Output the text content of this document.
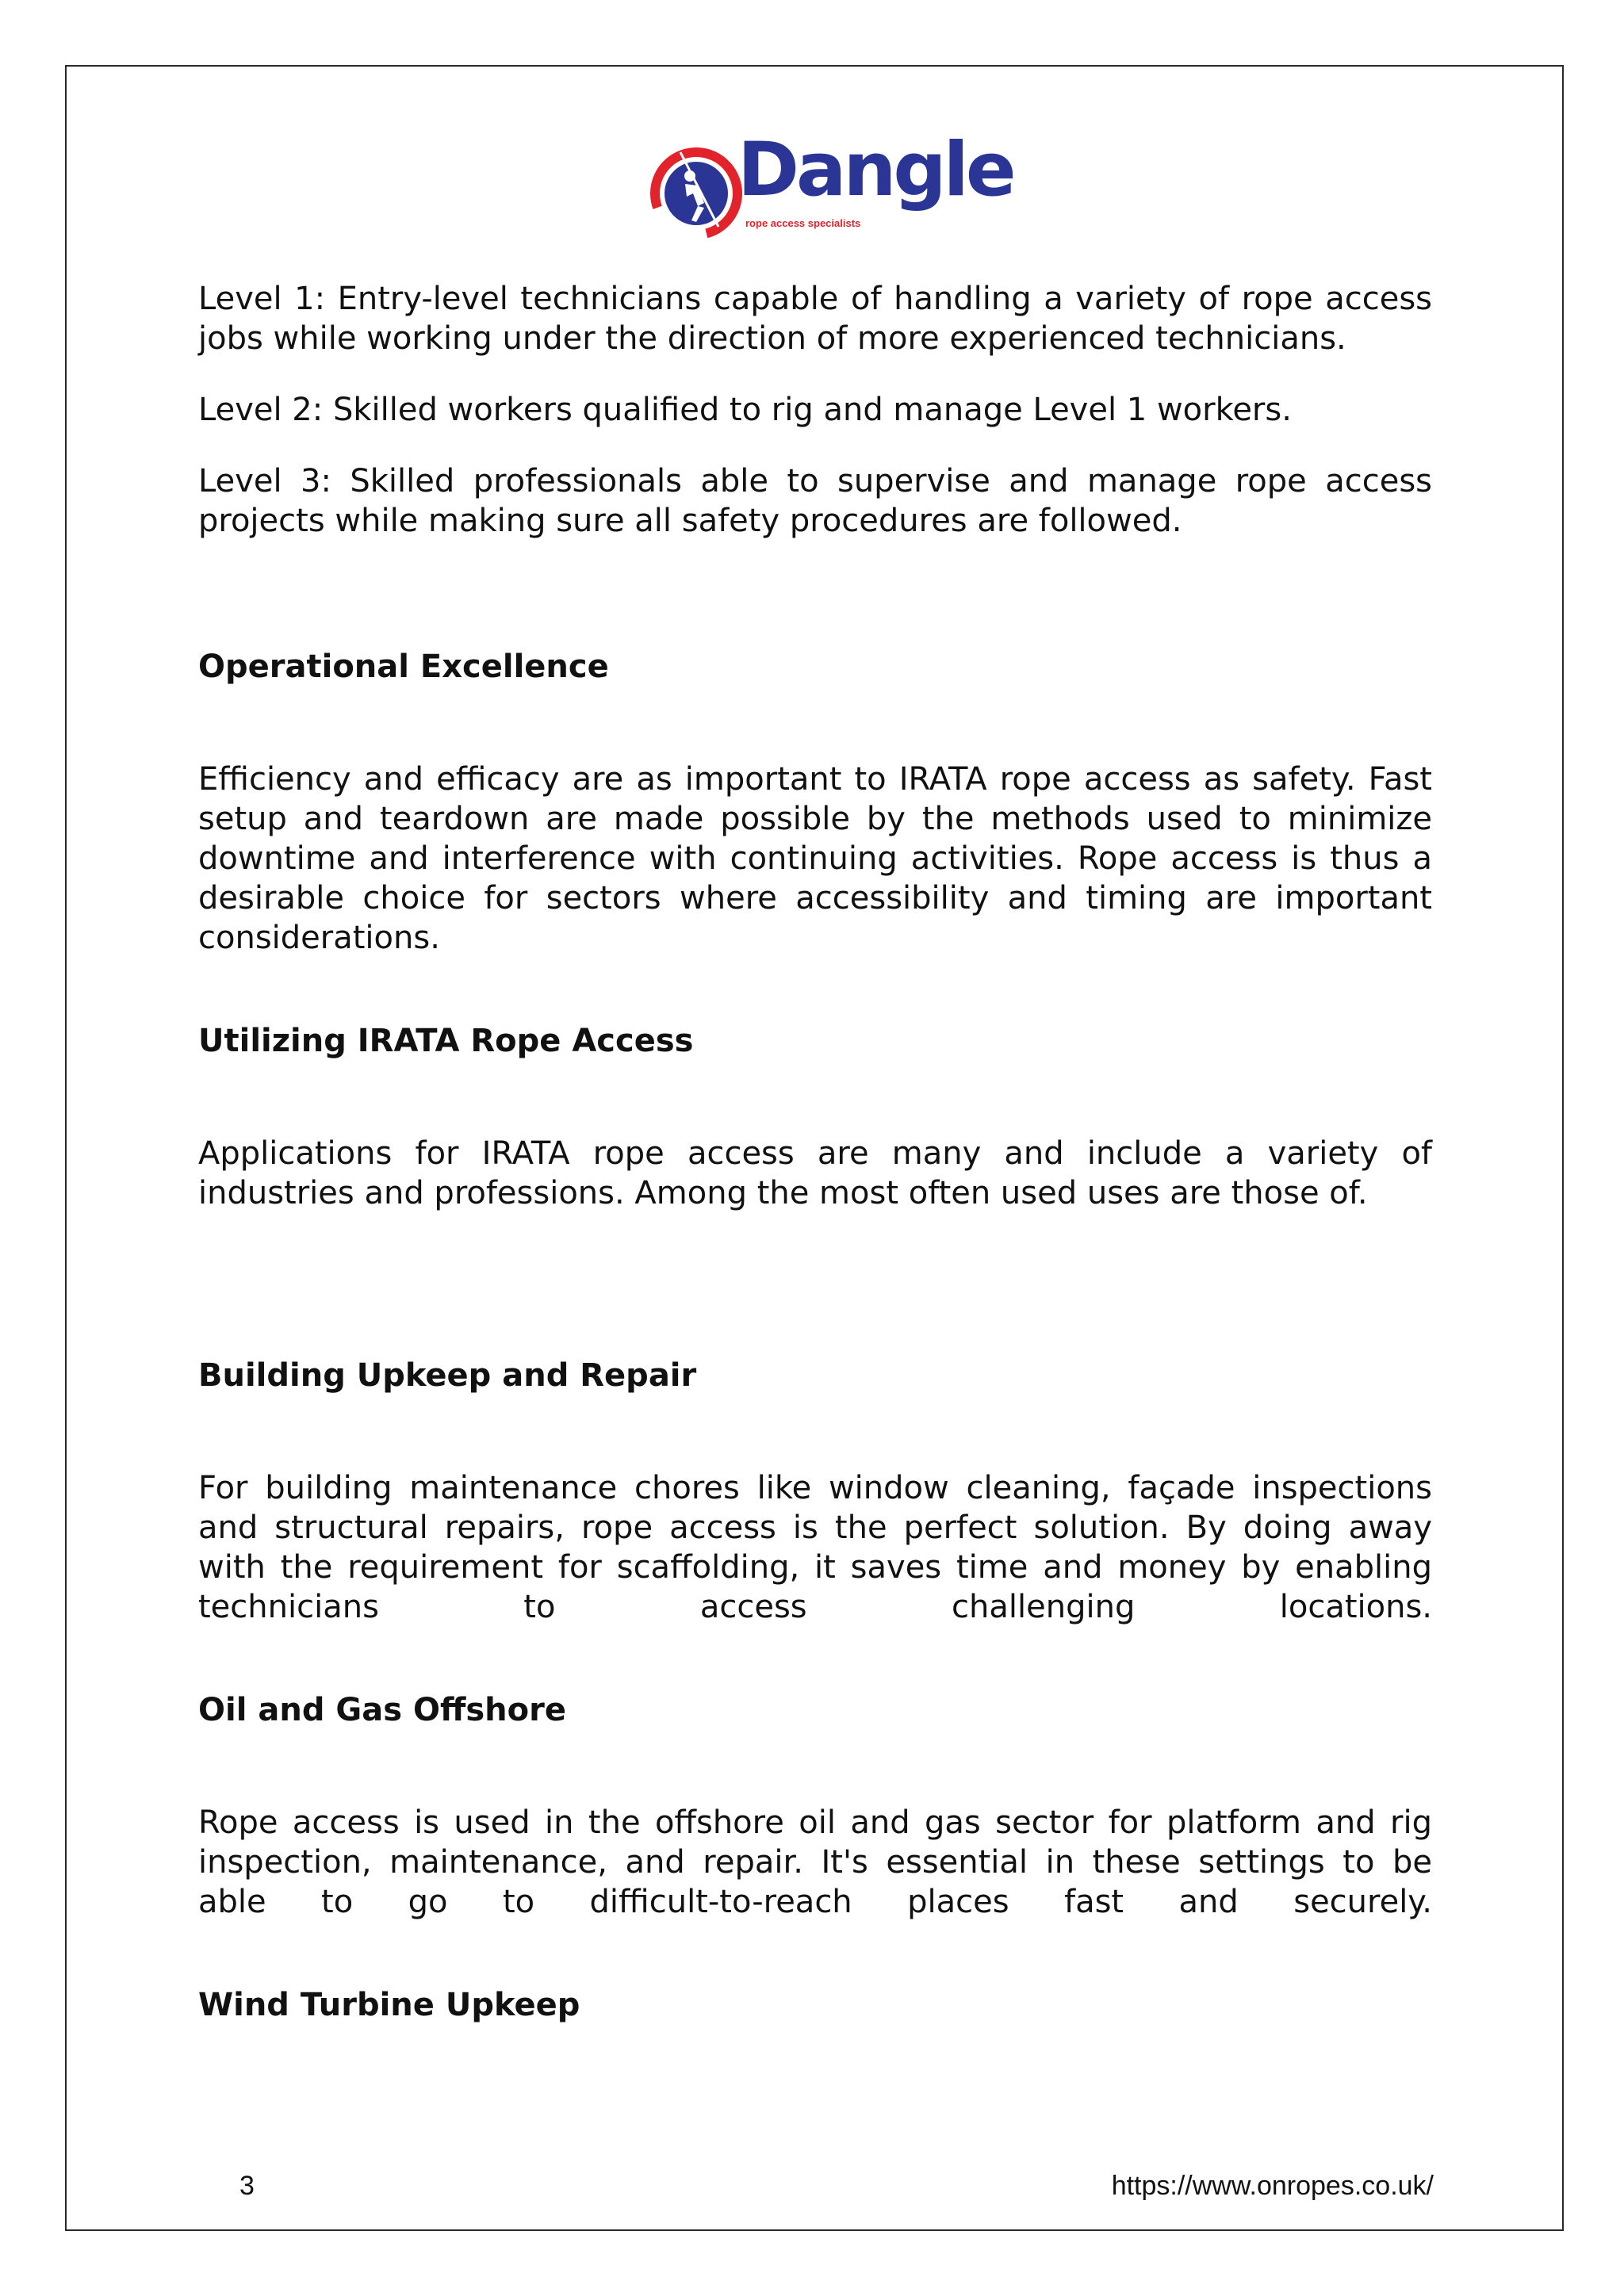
Dangle
rope access specialists

Level 1: Entry-level technicians capable of handling a variety of rope access jobs while working under the direction of more experienced technicians.

Level 2: Skilled workers qualified to rig and manage Level 1 workers.

Level 3: Skilled professionals able to supervise and manage rope access projects while making sure all safety procedures are followed.

Operational Excellence

Efficiency and efficacy are as important to IRATA rope access as safety. Fast setup and teardown are made possible by the methods used to minimize downtime and interference with continuing activities. Rope access is thus a desirable choice for sectors where accessibility and timing are important considerations.

Utilizing IRATA Rope Access

Applications for IRATA rope access are many and include a variety of industries and professions. Among the most often used uses are those of.

Building Upkeep and Repair

For building maintenance chores like window cleaning, façade inspections and structural repairs, rope access is the perfect solution. By doing away with the requirement for scaffolding, it saves time and money by enabling technicians to access challenging locations.

Oil and Gas Offshore

Rope access is used in the offshore oil and gas sector for platform and rig inspection, maintenance, and repair. It's essential in these settings to be able to go to difficult-to-reach places fast and securely.

Wind Turbine Upkeep
3	https://www.onropes.co.uk/
